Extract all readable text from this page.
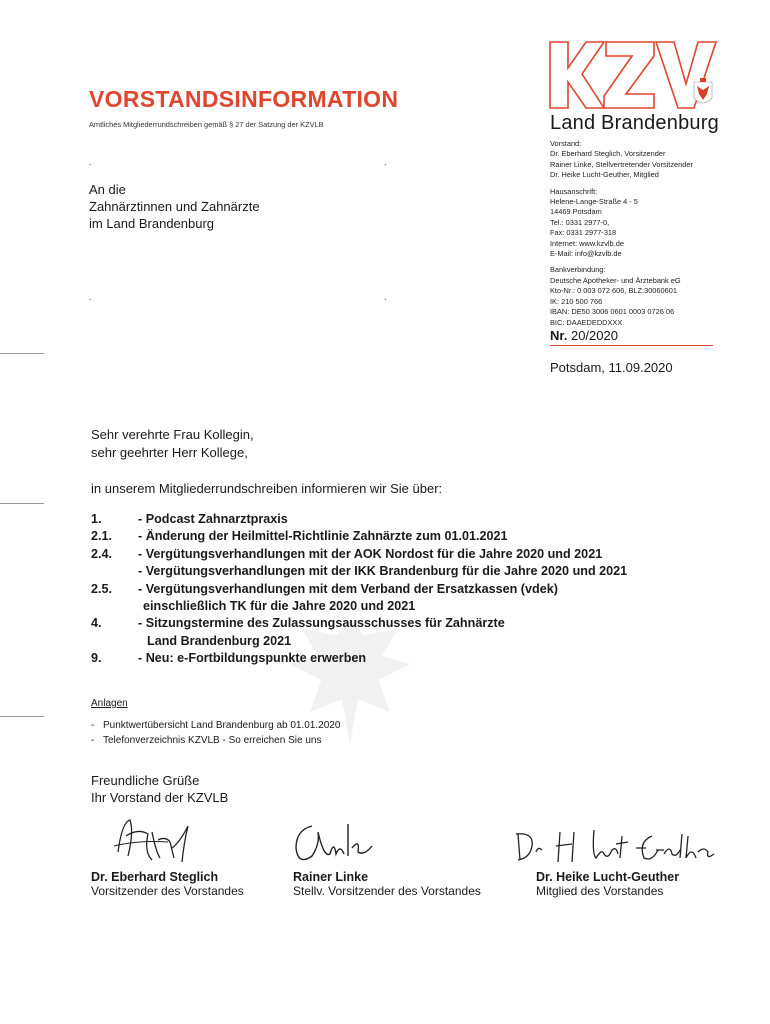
VORSTANDSINFORMATION
Amtliches Mitgliederrundschreiben gemäß § 27 der Satzung der KZVLB	Land Brandenburg
.	.
.	.
An die
Zahnärztinnen und Zahnärzte
im Land Brandenburg
Vorstand:
Dr. Eberhard Steglich, Vorsitzender
Rainer Linke, Stellvertretender Vorsitzender
Dr. Heike Lucht-Geuther, Mitglied
Hausanschrift:
Helene-Lange-Straße 4 - 5
14469 Potsdam
Tel.: 0331 2977-0,
Fax: 0331 2977-318
Internet: www.kzvlb.de
E-Mail: info@kzvlb.de
Bankverbindung:
Deutsche Apotheker- und Ärztebank eG
Kto-Nr.: 0 003 072 606, BLZ:30060601
IK: 210 500 766
IBAN: DE50 3006 0601 0003 0726 06
BIC: DAAEDEDDXXX
Nr. 20/2020
Potsdam, 11.09.2020
Sehr verehrte Frau Kollegin,
sehr geehrter Herr Kollege,
in unserem Mitgliederrundschreiben informieren wir Sie über:
1.	- Podcast Zahnarztpraxis
2.1.	- Änderung der Heilmittel-Richtlinie Zahnärzte zum 01.01.2021
2.4.	- Vergütungsverhandlungen mit der AOK Nordost für die Jahre 2020 und 2021
- Vergütungsverhandlungen mit der IKK Brandenburg für die Jahre 2020 und 2021
2.5.	- Vergütungsverhandlungen mit dem Verband der Ersatzkassen (vdek)
einschließlich TK für die Jahre 2020 und 2021
4.	- Sitzungstermine des Zulassungsausschusses für Zahnärzte
Land Brandenburg 2021
9.	- Neu: e-Fortbildungspunkte erwerben
Anlagen
- Punktwertübersicht Land Brandenburg ab 01.01.2020
- Telefonverzeichnis KZVLB - So erreichen Sie uns
Freundliche Grüße
Ihr Vorstand der KZVLB
Dr. Eberhard Steglich
Vorsitzender des Vorstandes
Rainer Linke
Stellv. Vorsitzender des Vorstandes
Dr. Heike Lucht-Geuther
Mitglied des Vorstandes
